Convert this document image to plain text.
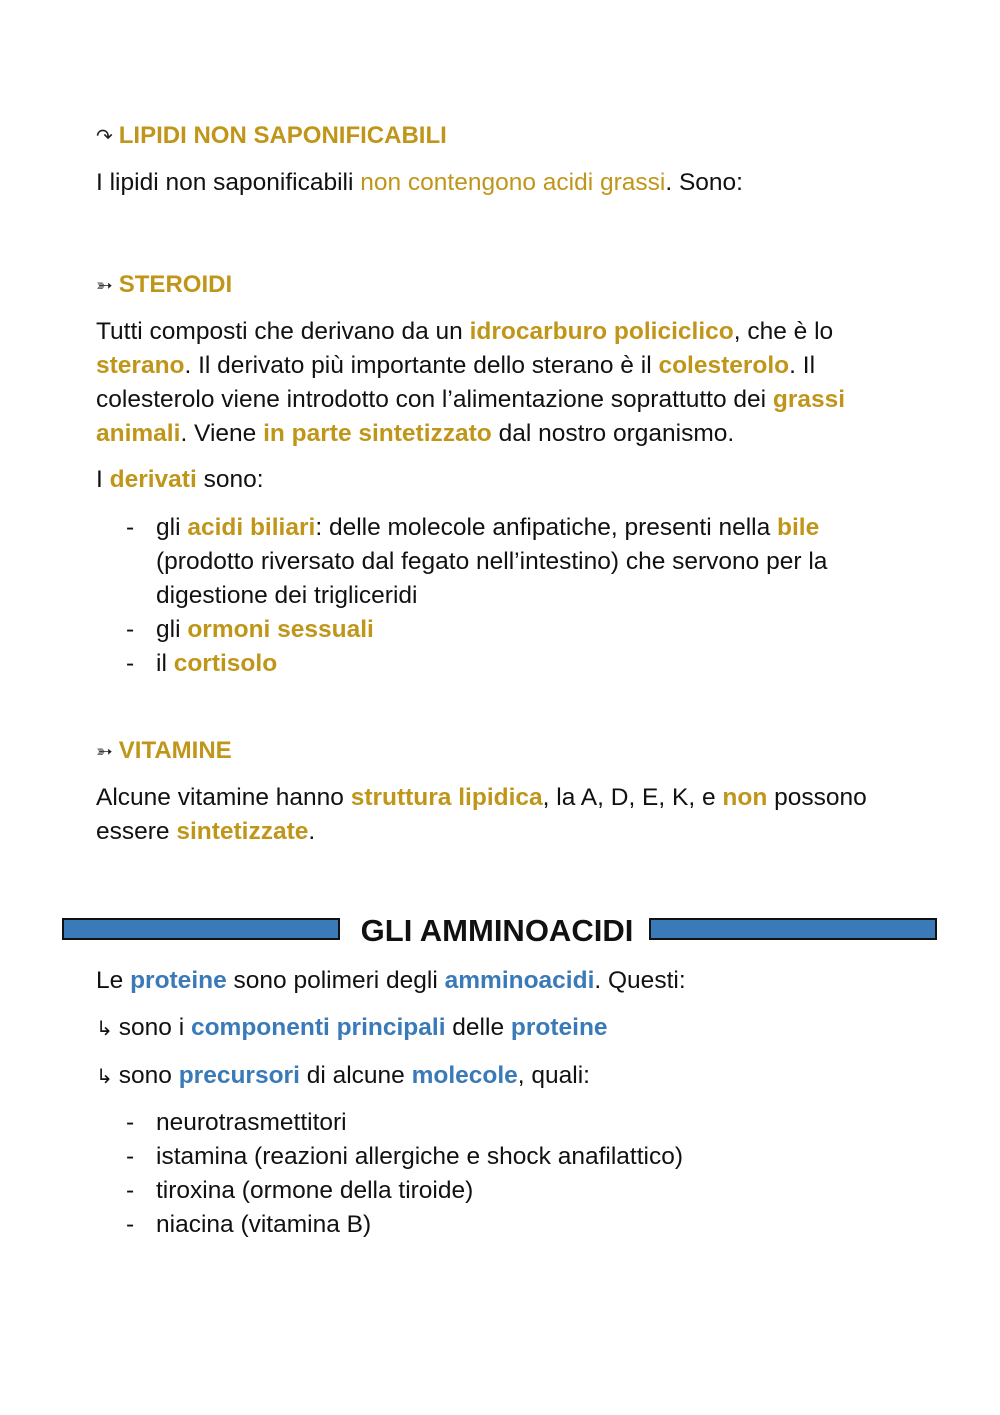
↷ LIPIDI NON SAPONIFICABILI

I lipidi non saponificabili non contengono acidi grassi. Sono:

➳ STEROIDI

Tutti composti che derivano da un idrocarburo policiclico, che è lo sterano. Il derivato più importante dello sterano è il colesterolo. Il colesterolo viene introdotto con l’alimentazione soprattutto dei grassi animali. Viene in parte sintetizzato dal nostro organismo.

I derivati sono:

- gli acidi biliari: delle molecole anfipatiche, presenti nella bile (prodotto riversato dal fegato nell’intestino) che servono per la digestione dei trigliceridi
- gli ormoni sessuali
- il cortisolo
➳ VITAMINE

Alcune vitamine hanno struttura lipidica, la A, D, E, K, e non possono essere sintetizzate.

GLI AMMINOACIDI

Le proteine sono polimeri degli amminoacidi. Questi:

↳ sono i componenti principali delle proteine

↳ sono precursori di alcune molecole, quali:

- neurotrasmettitori
- istamina (reazioni allergiche e shock anafilattico)
- tiroxina (ormone della tiroide)
- niacina (vitamina B)
